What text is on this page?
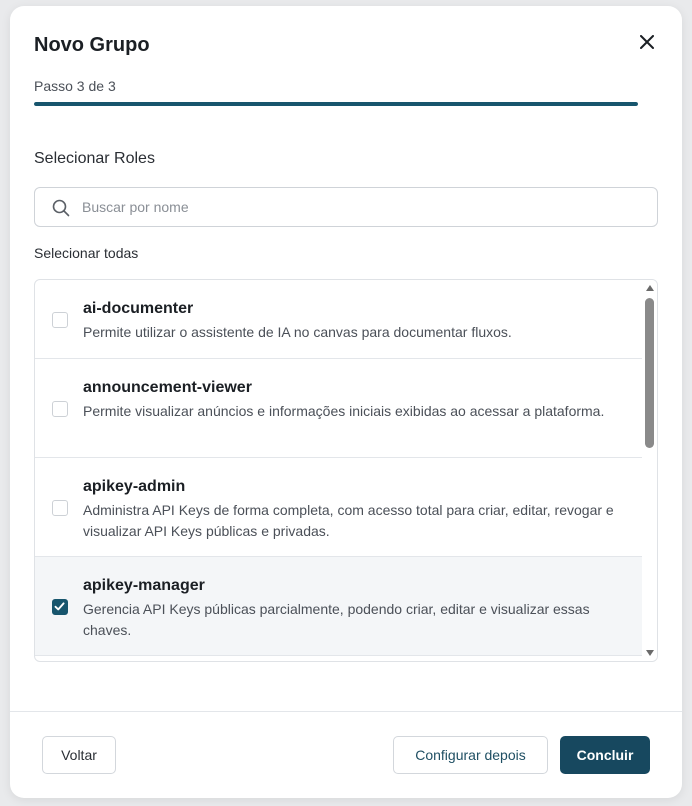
Novo Grupo
Passo 3 de 3
Selecionar Roles
Buscar por nome
Selecionar todas
ai-documenter
Permite utilizar o assistente de IA no canvas para documentar fluxos.
announcement-viewer
Permite visualizar anúncios e informações iniciais exibidas ao acessar a plataforma.
apikey-admin
Administra API Keys de forma completa, com acesso total para criar, editar, revogar e visualizar API Keys públicas e privadas.
apikey-manager
Gerencia API Keys públicas parcialmente, podendo criar, editar e visualizar essas chaves.
Voltar	Configurar depois	Concluir
